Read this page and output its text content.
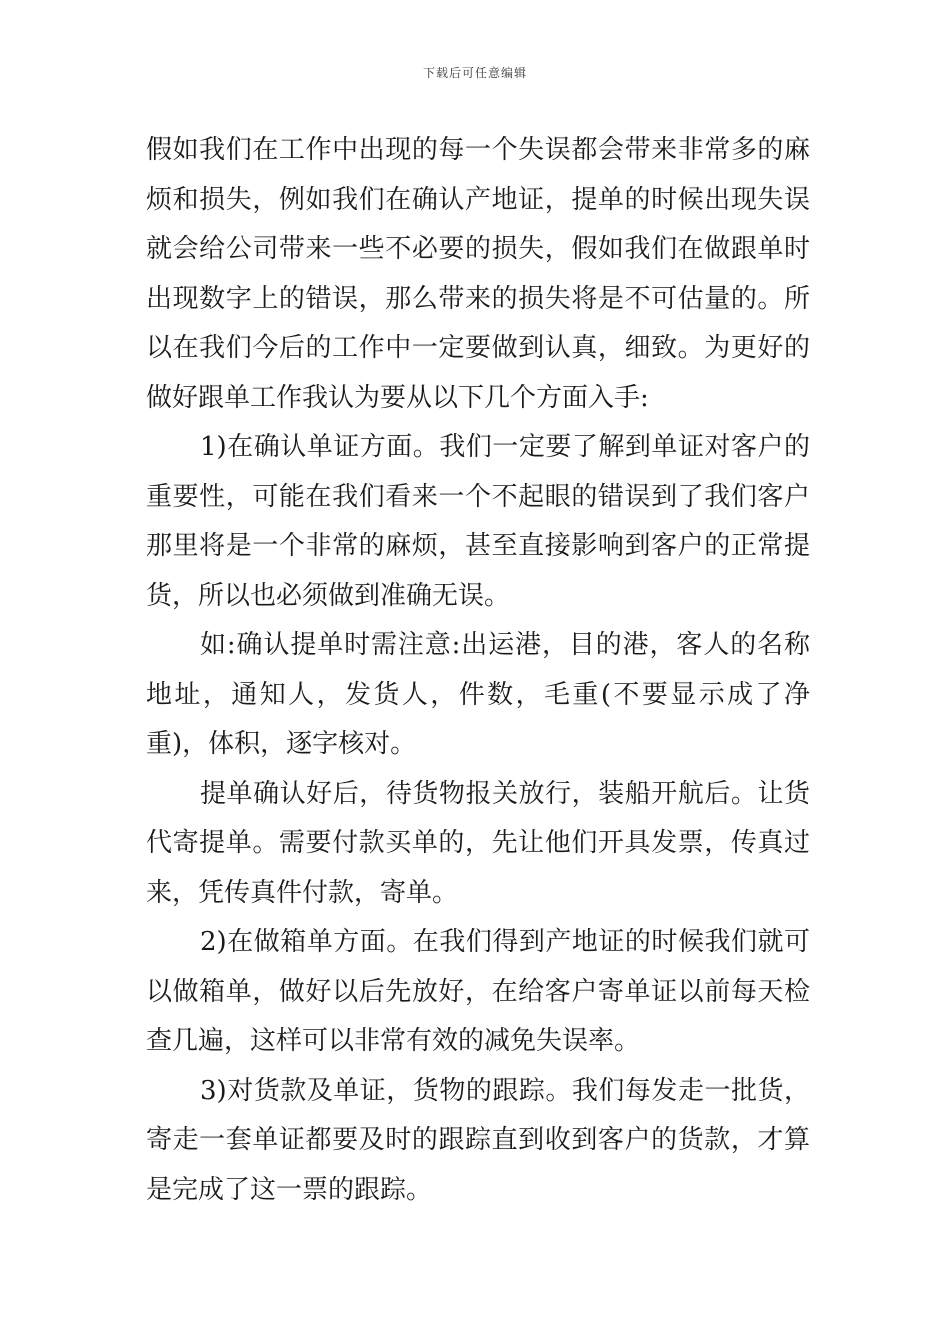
下载后可任意编辑

假如我们在工作中出现的每一个失误都会带来非常多的麻烦和损失，例如我们在确认产地证，提单的时候出现失误就会给公司带来一些不必要的损失，假如我们在做跟单时出现数字上的错误，那么带来的损失将是不可估量的。所以在我们今后的工作中一定要做到认真，细致。为更好的做好跟单工作我认为要从以下几个方面入手:

1)在确认单证方面。我们一定要了解到单证对客户的重要性，可能在我们看来一个不起眼的错误到了我们客户那里将是一个非常的麻烦，甚至直接影响到客户的正常提货，所以也必须做到准确无误。

如:确认提单时需注意:出运港，目的港，客人的名称地址，通知人，发货人，件数，毛重(不要显示成了净重)，体积，逐字核对。

提单确认好后，待货物报关放行，装船开航后。让货代寄提单。需要付款买单的，先让他们开具发票，传真过来，凭传真件付款，寄单。

2)在做箱单方面。在我们得到产地证的时候我们就可以做箱单，做好以后先放好，在给客户寄单证以前每天检查几遍，这样可以非常有效的减免失误率。

3)对货款及单证，货物的跟踪。我们每发走一批货，寄走一套单证都要及时的跟踪直到收到客户的货款，才算是完成了这一票的跟踪。
